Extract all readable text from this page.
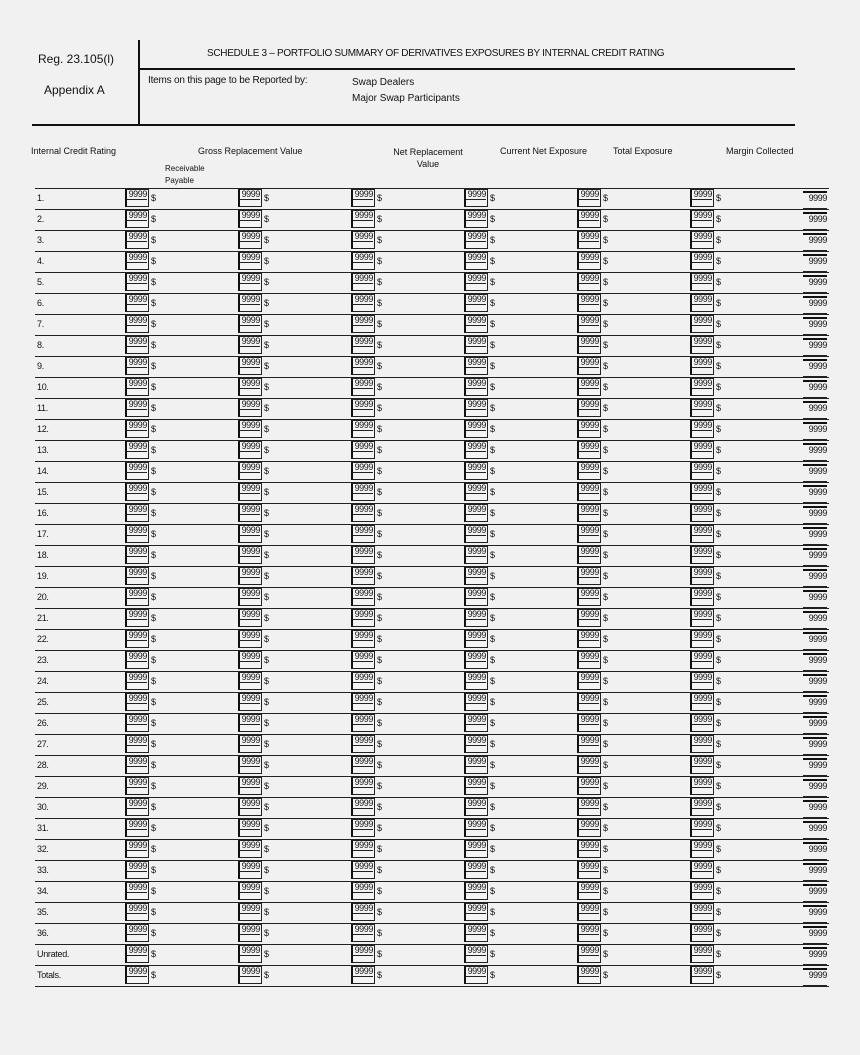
Reg. 23.105(l)
Appendix A
SCHEDULE 3 – PORTFOLIO SUMMARY OF DERIVATIVES EXPOSURES BY INTERNAL CREDIT RATING
Items on this page to be Reported by:	Swap Dealers
Major Swap Participants
Internal Credit Rating	Gross Replacement Value
Receivable
Payable
Net Replacement Value
Current Net Exposure	Total Exposure	Margin Collected
1.	9999 $	9999 $	9999 $	9999 $	9999 $	9999 $	9999
2.	9999 $	9999 $	9999 $	9999 $	9999 $	9999 $	9999
3.	9999 $	9999 $	9999 $	9999 $	9999 $	9999 $	9999
4.	9999 $	9999 $	9999 $	9999 $	9999 $	9999 $	9999
5.	9999 $	9999 $	9999 $	9999 $	9999 $	9999 $	9999
6.	9999 $	9999 $	9999 $	9999 $	9999 $	9999 $	9999
7.	9999 $	9999 $	9999 $	9999 $	9999 $	9999 $	9999
8.	9999 $	9999 $	9999 $	9999 $	9999 $	9999 $	9999
9.	9999 $	9999 $	9999 $	9999 $	9999 $	9999 $	9999
10.	9999 $	9999 $	9999 $	9999 $	9999 $	9999 $	9999
11.	9999 $	9999 $	9999 $	9999 $	9999 $	9999 $	9999
12.	9999 $	9999 $	9999 $	9999 $	9999 $	9999 $	9999
13.	9999 $	9999 $	9999 $	9999 $	9999 $	9999 $	9999
14.	9999 $	9999 $	9999 $	9999 $	9999 $	9999 $	9999
15.	9999 $	9999 $	9999 $	9999 $	9999 $	9999 $	9999
16.	9999 $	9999 $	9999 $	9999 $	9999 $	9999 $	9999
17.	9999 $	9999 $	9999 $	9999 $	9999 $	9999 $	9999
18.	9999 $	9999 $	9999 $	9999 $	9999 $	9999 $	9999
19.	9999 $	9999 $	9999 $	9999 $	9999 $	9999 $	9999
20.	9999 $	9999 $	9999 $	9999 $	9999 $	9999 $	9999
21.	9999 $	9999 $	9999 $	9999 $	9999 $	9999 $	9999
22.	9999 $	9999 $	9999 $	9999 $	9999 $	9999 $	9999
23.	9999 $	9999 $	9999 $	9999 $	9999 $	9999 $	9999
24.	9999 $	9999 $	9999 $	9999 $	9999 $	9999 $	9999
25.	9999 $	9999 $	9999 $	9999 $	9999 $	9999 $	9999
26.	9999 $	9999 $	9999 $	9999 $	9999 $	9999 $	9999
27.	9999 $	9999 $	9999 $	9999 $	9999 $	9999 $	9999
28.	9999 $	9999 $	9999 $	9999 $	9999 $	9999 $	9999
29.	9999 $	9999 $	9999 $	9999 $	9999 $	9999 $	9999
30.	9999 $	9999 $	9999 $	9999 $	9999 $	9999 $	9999
31.	9999 $	9999 $	9999 $	9999 $	9999 $	9999 $	9999
32.	9999 $	9999 $	9999 $	9999 $	9999 $	9999 $	9999
33.	9999 $	9999 $	9999 $	9999 $	9999 $	9999 $	9999
34.	9999 $	9999 $	9999 $	9999 $	9999 $	9999 $	9999
35.	9999 $	9999 $	9999 $	9999 $	9999 $	9999 $	9999
36.	9999 $	9999 $	9999 $	9999 $	9999 $	9999 $	9999
Unrated.	9999 $	9999 $	9999 $	9999 $	9999 $	9999 $	9999
Totals.	9999 $	9999 $	9999 $	9999 $	9999 $	9999 $	9999
